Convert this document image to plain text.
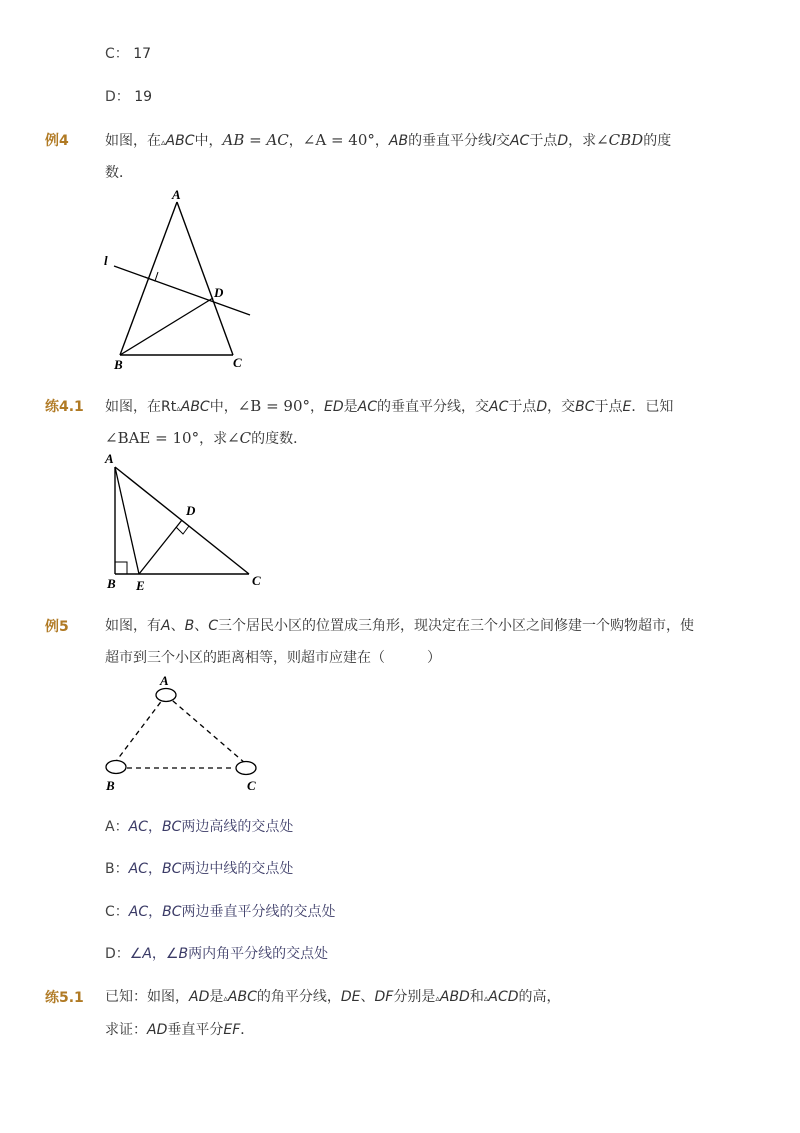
C： 17
D： 19
例4	如图，在▵ABC中，AB = AC，∠A = 40°，AB的垂直平分线l交AC于点D，求∠CBD的度
数．
A
l
D
B	C
练4.1 如图，在Rt▵ABC中，∠B = 90°，ED是AC的垂直平分线，交AC于点D，交BC于点E．已知
∠BAE = 10°，求∠C的度数．
A
D
B E	C
例5	如图，有A、B、C三个居民小区的位置成三角形，现决定在三个小区之间修建一个购物超市，使
超市到三个小区的距离相等，则超市应建在（　　　）
A
B	C
A：AC，BC两边高线的交点处
B：AC，BC两边中线的交点处
C：AC，BC两边垂直平分线的交点处
D：∠A，∠B两内角平分线的交点处
练5.1 已知：如图，AD是▵ABC的角平分线，DE、DF分别是▵ABD和▵ACD的高，
求证：AD垂直平分EF．
